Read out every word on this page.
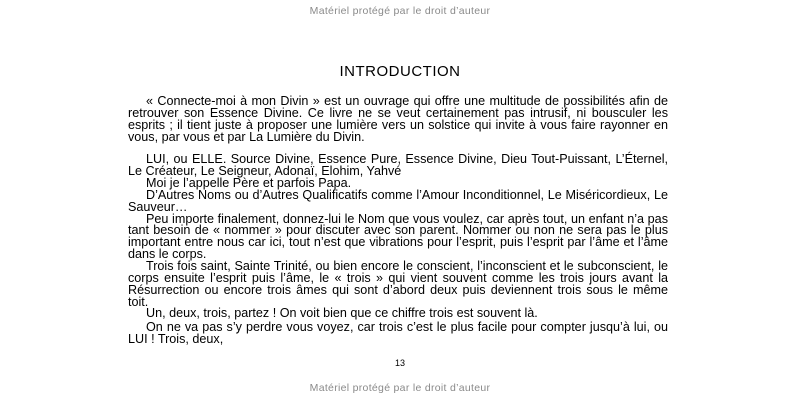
Matériel protégé par le droit d’auteur
INTRODUCTION

« Connecte-moi à mon Divin » est un ouvrage qui offre une multitude de possibilités afin de retrouver son Essence Divine. Ce livre ne se veut certainement pas intrusif, ni bousculer les esprits ; il tient juste à proposer une lumière vers un solstice qui invite à vous faire rayonner en vous, par vous et par La Lumière du Divin.

LUI, ou ELLE. Source Divine, Essence Pure, Essence Divine, Dieu Tout-Puissant, L’Éternel, Le Créateur, Le Seigneur, Adonaï, Elohim, Yahvé

Moi je l’appelle Père et parfois Papa.

D’Autres Noms ou d’Autres Qualificatifs comme l’Amour Inconditionnel, Le Miséricordieux, Le Sauveur…

Peu importe finalement, donnez-lui le Nom que vous voulez, car après tout, un enfant n’a pas tant besoin de « nommer » pour discuter avec son parent. Nommer ou non ne sera pas le plus important entre nous car ici, tout n’est que vibrations pour l’esprit, puis l’esprit par l’âme et l’âme dans le corps.

Trois fois saint, Sainte Trinité, ou bien encore le conscient, l’inconscient et le subconscient, le corps ensuite l’esprit puis l’âme, le « trois » qui vient souvent comme les trois jours avant la Résurrection ou encore trois âmes qui sont d’abord deux puis deviennent trois sous le même toit.

Un, deux, trois, partez ! On voit bien que ce chiffre trois est souvent là.

On ne va pas s’y perdre vous voyez, car trois c’est le plus facile pour compter jusqu’à lui, ou LUI ! Trois, deux,

13
Matériel protégé par le droit d’auteur
